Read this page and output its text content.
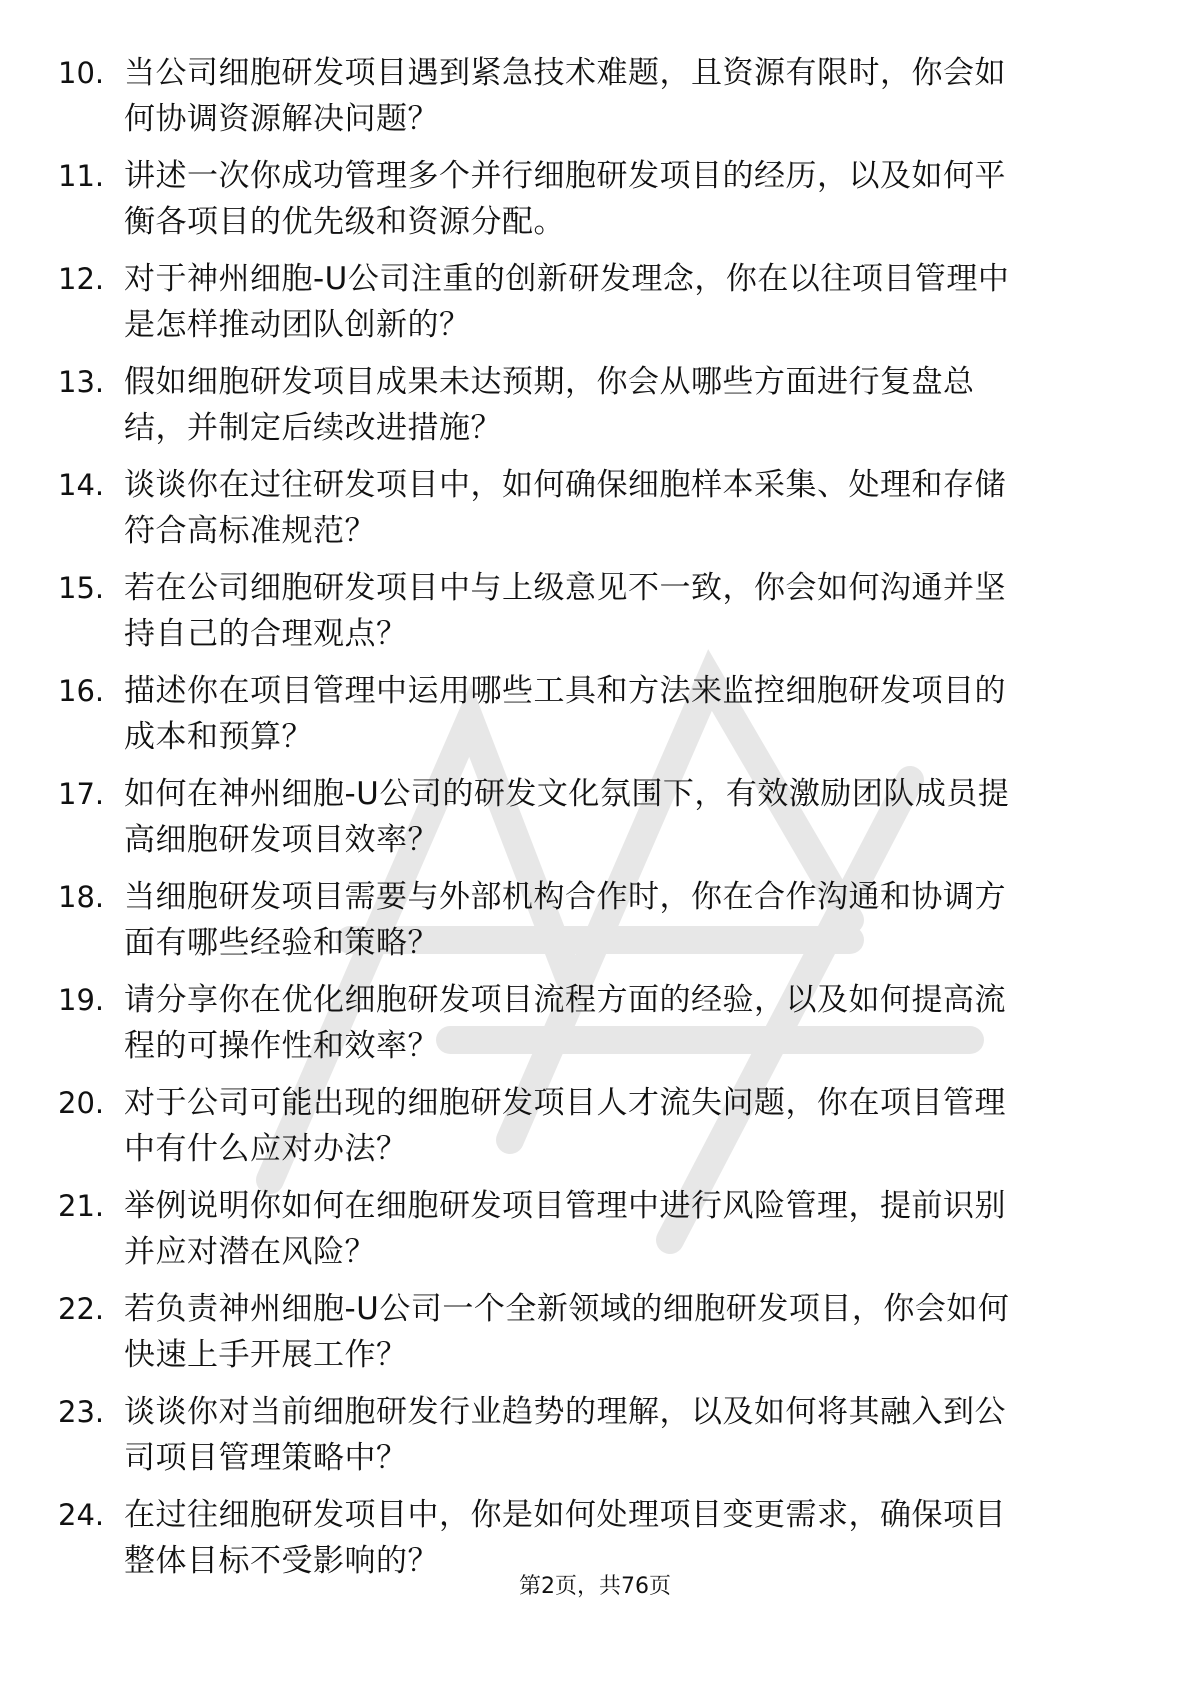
10. 当公司细胞研发项目遇到紧急技术难题，且资源有限时，你会如
何协调资源解决问题？
11. 讲述一次你成功管理多个并行细胞研发项目的经历，以及如何平
衡各项目的优先级和资源分配。
12. 对于神州细胞-U公司注重的创新研发理念，你在以往项目管理中
是怎样推动团队创新的？
13. 假如细胞研发项目成果未达预期，你会从哪些方面进行复盘总
结，并制定后续改进措施？
14. 谈谈你在过往研发项目中，如何确保细胞样本采集、处理和存储
符合高标准规范？
15. 若在公司细胞研发项目中与上级意见不一致，你会如何沟通并坚
持自己的合理观点？
16. 描述你在项目管理中运用哪些工具和方法来监控细胞研发项目的
成本和预算？
17. 如何在神州细胞-U公司的研发文化氛围下，有效激励团队成员提
高细胞研发项目效率？
18. 当细胞研发项目需要与外部机构合作时，你在合作沟通和协调方
面有哪些经验和策略？
19. 请分享你在优化细胞研发项目流程方面的经验，以及如何提高流
程的可操作性和效率？
20. 对于公司可能出现的细胞研发项目人才流失问题，你在项目管理
中有什么应对办法？
21. 举例说明你如何在细胞研发项目管理中进行风险管理，提前识别
并应对潜在风险？
22. 若负责神州细胞-U公司一个全新领域的细胞研发项目，你会如何
快速上手开展工作？
23. 谈谈你对当前细胞研发行业趋势的理解，以及如何将其融入到公
司项目管理策略中？
24. 在过往细胞研发项目中，你是如何处理项目变更需求，确保项目
整体目标不受影响的？
第2页，共76页
